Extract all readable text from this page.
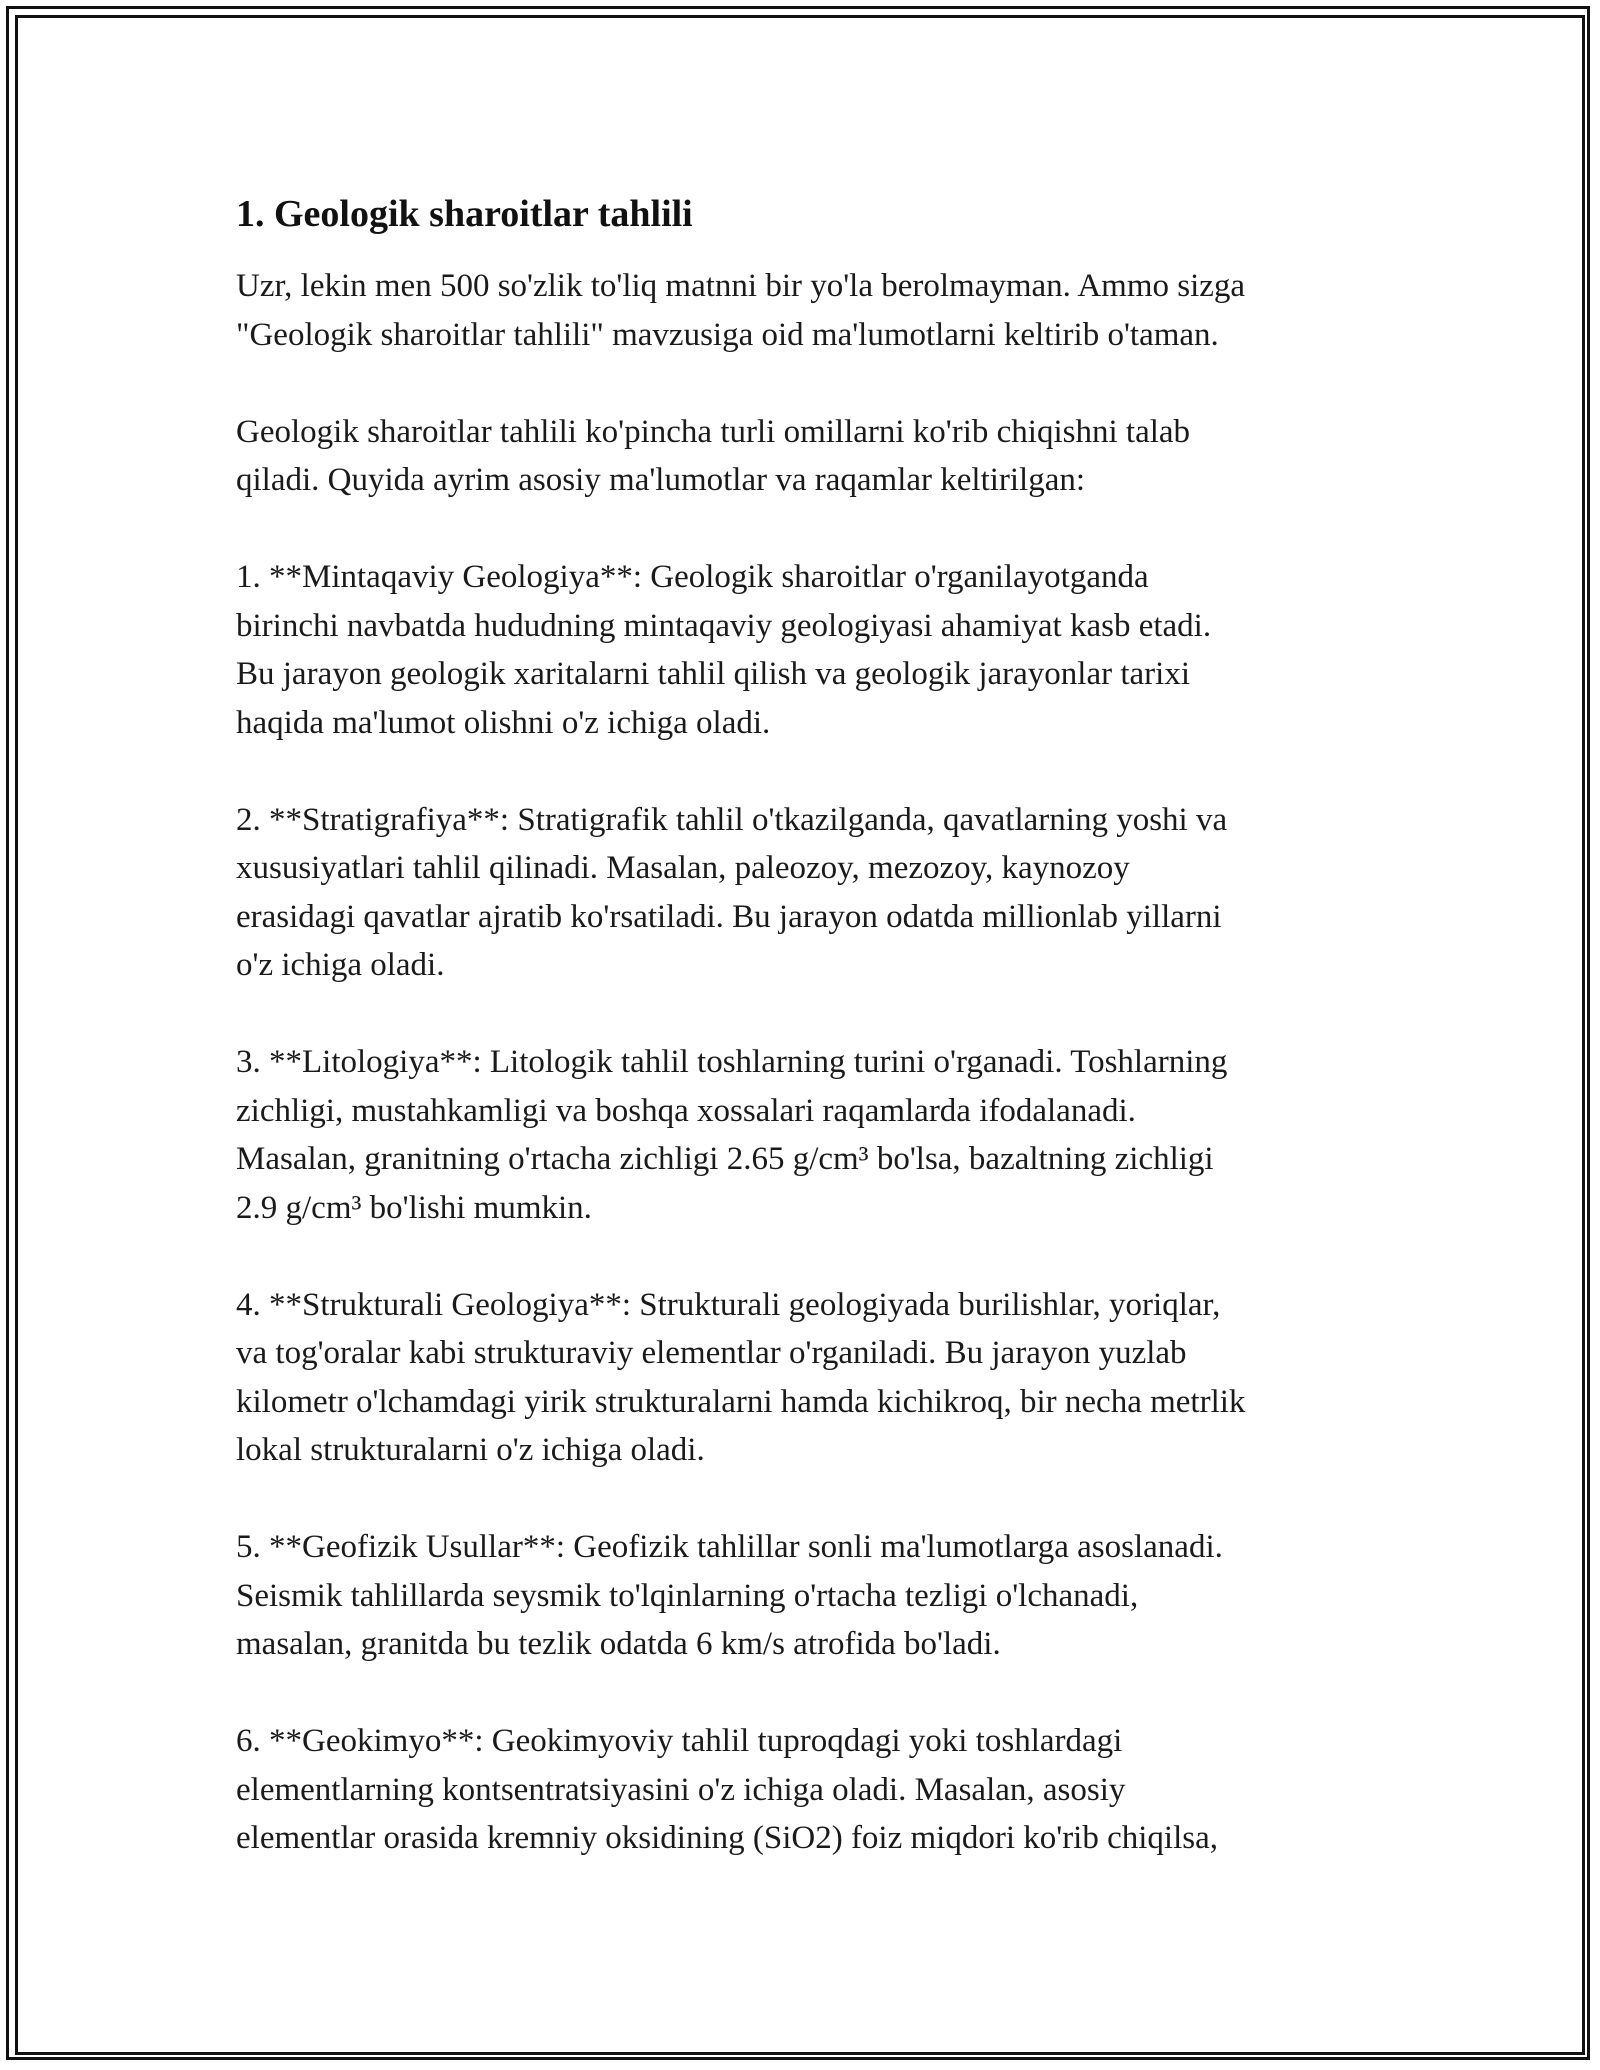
1. Geologik sharoitlar tahlili

Uzr, lekin men 500 so'zlik to'liq matnni bir yo'la berolmayman. Ammo sizga
"Geologik sharoitlar tahlili" mavzusiga oid ma'lumotlarni keltirib o'taman.

Geologik sharoitlar tahlili ko'pincha turli omillarni ko'rib chiqishni talab
qiladi. Quyida ayrim asosiy ma'lumotlar va raqamlar keltirilgan:

1. **Mintaqaviy Geologiya**: Geologik sharoitlar o'rganilayotganda
birinchi navbatda hududning mintaqaviy geologiyasi ahamiyat kasb etadi.
Bu jarayon geologik xaritalarni tahlil qilish va geologik jarayonlar tarixi
haqida ma'lumot olishni o'z ichiga oladi.

2. **Stratigrafiya**: Stratigrafik tahlil o'tkazilganda, qavatlarning yoshi va
xususiyatlari tahlil qilinadi. Masalan, paleozoy, mezozoy, kaynozoy
erasidagi qavatlar ajratib ko'rsatiladi. Bu jarayon odatda millionlab yillarni
o'z ichiga oladi.

3. **Litologiya**: Litologik tahlil toshlarning turini o'rganadi. Toshlarning
zichligi, mustahkamligi va boshqa xossalari raqamlarda ifodalanadi.
Masalan, granitning o'rtacha zichligi 2.65 g/cm³ bo'lsa, bazaltning zichligi
2.9 g/cm³ bo'lishi mumkin.

4. **Strukturali Geologiya**: Strukturali geologiyada burilishlar, yoriqlar,
va tog'oralar kabi strukturaviy elementlar o'rganiladi. Bu jarayon yuzlab
kilometr o'lchamdagi yirik strukturalarni hamda kichikroq, bir necha metrlik
lokal strukturalarni o'z ichiga oladi.

5. **Geofizik Usullar**: Geofizik tahlillar sonli ma'lumotlarga asoslanadi.
Seismik tahlillarda seysmik to'lqinlarning o'rtacha tezligi o'lchanadi,
masalan, granitda bu tezlik odatda 6 km/s atrofida bo'ladi.

6. **Geokimyo**: Geokimyoviy tahlil tuproqdagi yoki toshlardagi
elementlarning kontsentratsiyasini o'z ichiga oladi. Masalan, asosiy
elementlar orasida kremniy oksidining (SiO2) foiz miqdori ko'rib chiqilsa,
